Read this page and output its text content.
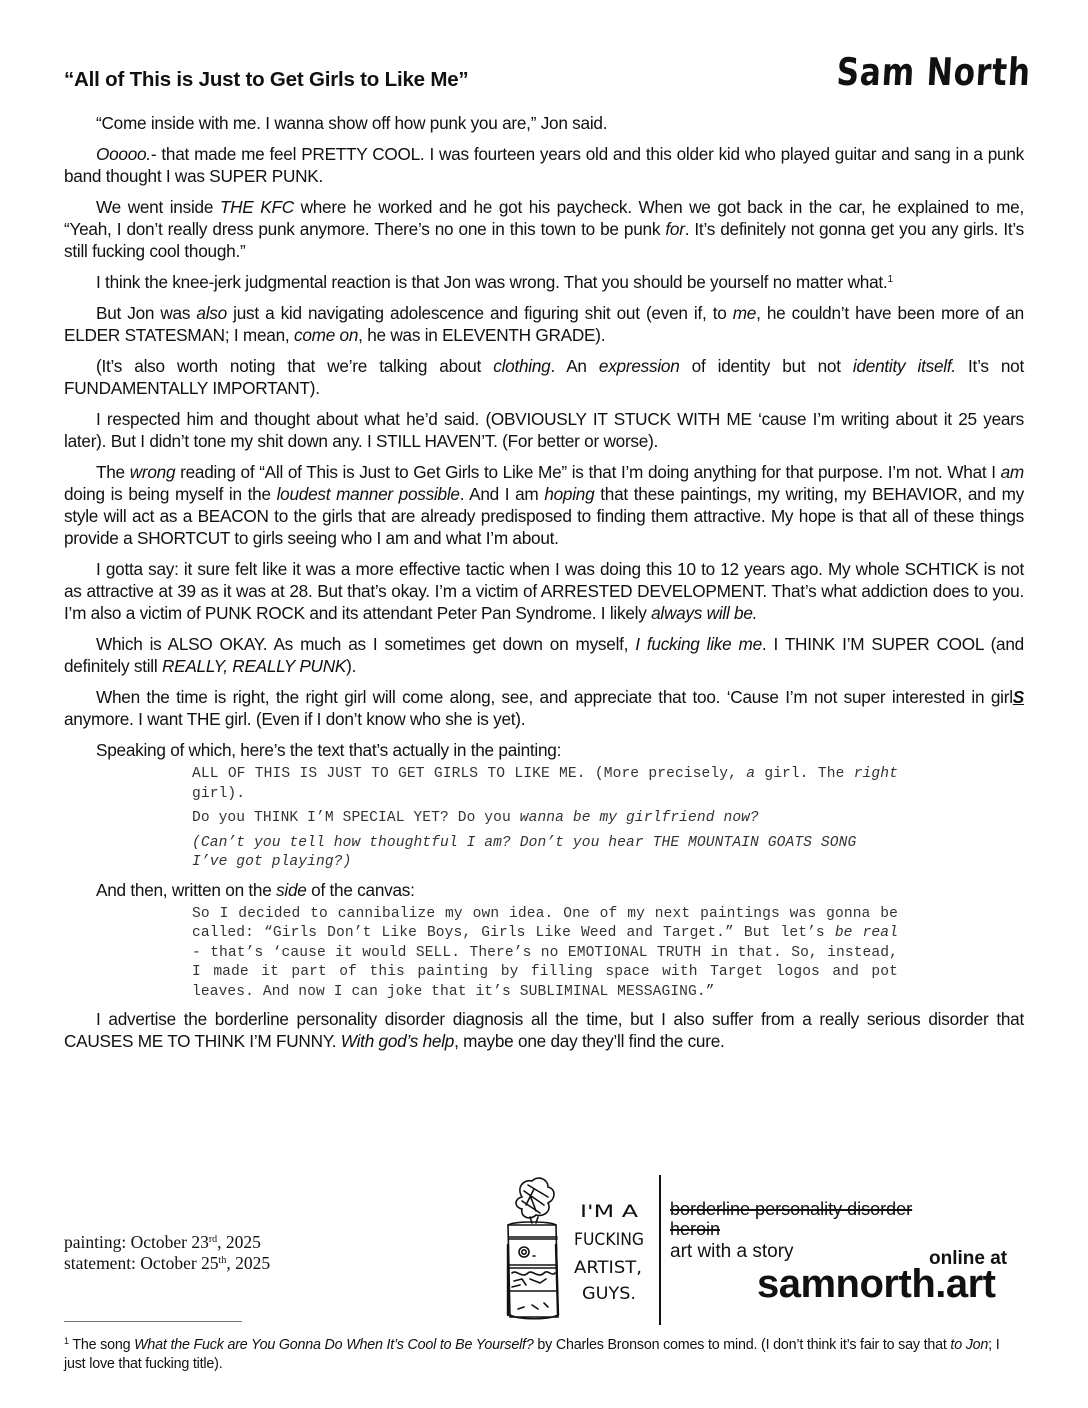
“All of This is Just to Get Girls to Like Me”	Sam North

“Come inside with me. I wanna show off how punk you are,” Jon said.

Ooooo.- that made me feel PRETTY COOL. I was fourteen years old and this older kid who played guitar and sang in a punk band thought I was SUPER PUNK.

We went inside THE KFC where he worked and he got his paycheck. When we got back in the car, he explained to me, “Yeah, I don’t really dress punk anymore. There’s no one in this town to be punk for. It’s definitely not gonna get you any girls. It’s still fucking cool though.”

I think the knee-jerk judgmental reaction is that Jon was wrong. That you should be yourself no matter what.$^1$

But Jon was also just a kid navigating adolescence and figuring shit out (even if, to me, he couldn’t have been more of an ELDER STATESMAN; I mean, come on, he was in ELEVENTH GRADE).

(It’s also worth noting that we’re talking about clothing. An expression of identity but not identity itself. It’s not FUNDAMENTALLY IMPORTANT).

I respected him and thought about what he’d said. (OBVIOUSLY IT STUCK WITH ME ‘cause I’m writing about it 25 years later). But I didn’t tone my shit down any. I STILL HAVEN’T. (For better or worse).

The wrong reading of “All of This is Just to Get Girls to Like Me” is that I’m doing anything for that purpose. I’m not. What I am doing is being myself in the loudest manner possible. And I am hoping that these paintings, my writing, my BEHAVIOR, and my style will act as a BEACON to the girls that are already predisposed to finding them attractive. My hope is that all of these things provide a SHORTCUT to girls seeing who I am and what I’m about.

I gotta say: it sure felt like it was a more effective tactic when I was doing this 10 to 12 years ago. My whole SCHTICK is not as attractive at 39 as it was at 28. But that’s okay. I’m a victim of ARRESTED DEVELOPMENT. That’s what addiction does to you. I’m also a victim of PUNK ROCK and its attendant Peter Pan Syndrome. I likely always will be.

Which is ALSO OKAY. As much as I sometimes get down on myself, I fucking like me. I THINK I’M SUPER COOL (and definitely still REALLY, REALLY PUNK).

When the time is right, the right girl will come along, see, and appreciate that too. ‘Cause I’m not super interested in girlS anymore. I want THE girl. (Even if I don’t know who she is yet).

Speaking of which, here’s the text that’s actually in the painting:

ALL OF THIS IS JUST TO GET GIRLS TO LIKE ME. (More precisely, a girl. The right girl).
Do you THINK I’M SPECIAL YET? Do you wanna be my girlfriend now?
(Can’t you tell how thoughtful I am? Don’t you hear THE MOUNTAIN GOATS SONG I’ve got playing?)

And then, written on the side of the canvas:

So I decided to cannibalize my own idea. One of my next paintings was gonna be called: “Girls Don’t Like Boys, Girls Like Weed and Target.” But let’s be real - that’s ‘cause it would SELL. There’s no EMOTIONAL TRUTH in that. So, instead, I made it part of this painting by filling space with Target logos and pot leaves. And now I can joke that it’s SUBLIMINAL MESSAGING.”

I advertise the borderline personality disorder diagnosis all the time, but I also suffer from a really serious disorder that CAUSES ME TO THINK I’M FUNNY. With god’s help, maybe one day they’ll find the cure.

painting: October 23rd, 2025
statement: October 25th, 2025
I'M A
FUCKING
ARTIST,
GUYS.
borderline personality disorder
heroin
art with a story	online at
samnorth.art
$^1$ The song What the Fuck are You Gonna Do When It’s Cool to Be Yourself? by Charles Bronson comes to mind. (I don’t think it’s fair to say that to Jon; I just love that fucking title).
